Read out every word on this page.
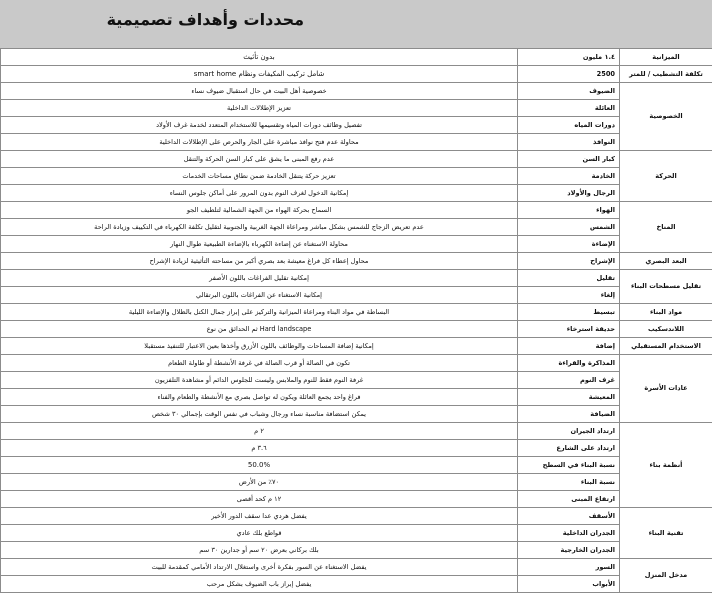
محددات وأهداف تصميمية
الميزانية	١.٤ مليون	بدون تأثيث
تكلفة التشطيب / للمتر	2500	شامل تركيب المكيفات ونظام smart home
الخصوصية	الضيوف	خصوصية أهل البيت في حال استقبال ضيوف نساء
	العائلة	تعزيز الإطلالات الداخلية
	دورات المياه	تفصيل وظائف دورات المياه وتقسيمها للاستخدام المتعدد لخدمة غرف الأولاد
	النوافذ	محاولة عدم فتح نوافذ مباشرة على الجار والحرص على الإطلالات الداخلية
الحركة	كبار السن	عدم رفع المبنى ما يشق على كبار السن الحركة والتنقل
	الخادمة	تعزيز حركة يتنقل الخادمة ضمن نطاق مساحات الخدمات
	الرجال والأولاد	إمكانية الدخول لغرف النوم بدون المرور على أماكن جلوس النساء
المناخ	الهواء	السماح بحركة الهواء من الجهة الشمالية لتلطيف الجو
	الشمس	عدم تعريض الزجاج للشمس بشكل مباشر ومراعاة الجهة الغربية والجنوبية لتقليل تكلفة الكهرباء في التكييف وزيادة الراحة
	الإضاءة	محاولة الاستغناء عن إضاءة الكهرباء بالإضاءة الطبيعية طوال النهار
البعد البصري	الإشراح	محاول إعطاء كل فراغ معيشة بعد بصري أكبر من مساحته التأثيثية لزيادة الإشراح
تقليل مسطحات البناء	تقليل	إمكانية تقليل الفراغات باللون الأصفر
	إلغاء	إمكانية الاستغناء عن الفراغات باللون البرتقالي
مواد البناء	تبسيط	البساطة في مواد البناء ومراعاة الميزانية والتركيز على إبراز جمال الكتل بالظلال والإضاءة الليلية
اللاندسكيب	حديقة استرخاء	Hard landscape ثم الحدائق من نوع
الاستخدام المستقبلي	إضافة	إمكانية إضافة المساحات والوظائف باللون الأزرق وأخذها بعين الاعتبار للتنفيذ مستقبلا
عادات الأسرة	المذاكرة والقراءة	تكون في الصالة أو قرب الصالة في غرفة الأنشطة أو طاولة الطعام
	غرف النوم	غرفة النوم فقط للنوم والملابس وليست للجلوس الدائم أو مشاهدة التلفزيون
	المعيشة	فراغ واحد يجمع العائلة ويكون له تواصل بصري مع الأنشطة والطعام والفناء
	الضيافة	يمكن استضافة مناسبة نساء ورجال وشباب في نفس الوقت بإجمالي ٣٠ شخص
أنظمة بناء	ارتداد الجيران	٢ م
	ارتداد على الشارع	٣.٦ م
	نسبة البناء في السطح	50.0%
	نسبة البناء	٧٠٪ من الأرض
	ارتفاع المبنى	١٢ م كحد أقصى
تقنية البناء	الأسقف	يفضل هردي عدا سقف الدور الأخير
	الجدران الداخلية	قواطع بلك عادي
	الجدران الخارجية	بلك بركاني بعرض ٢٠ سم أو جدارين ٣٠ سم
مدخل المنزل	السور	يفضل الاستغناء عن السور بفكرة أخرى واستغلال الارتداد الأمامي كمقدمة للبيت
	الأبواب	يفضل إبراز باب الضيوف بشكل مرحب
